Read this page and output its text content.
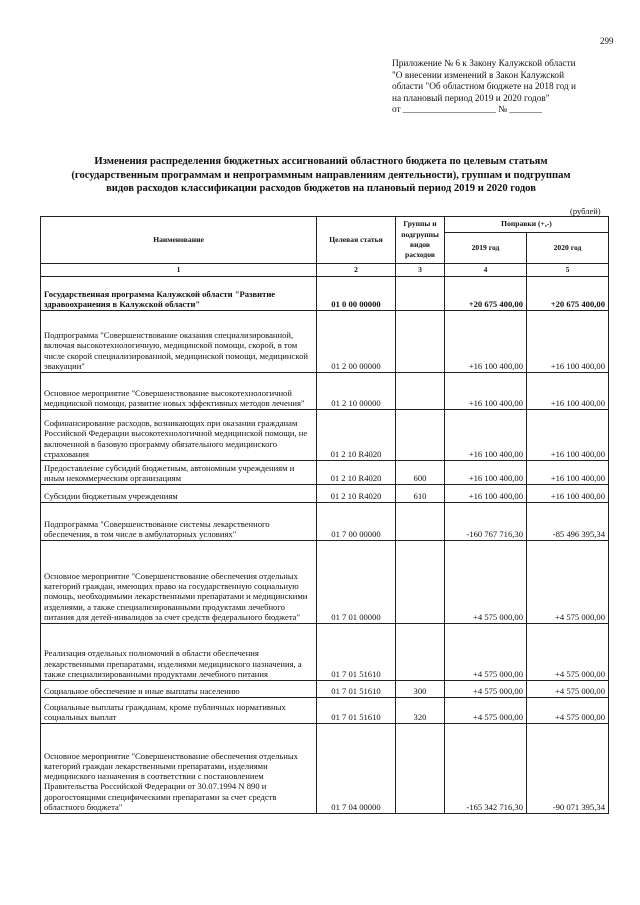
299
Приложение № 6 к Закону Калужской области
"О внесении изменений в Закон Калужской
области "Об областном бюджете на 2018 год и
на плановый период 2019 и 2020 годов"
от ____________________ № _______
Изменения распределения бюджетных ассигнований областного бюджета по целевым статьям
(государственным программам и непрограммным направлениям деятельности), группам и подгруппам
видов расходов классификации расходов бюджетов на плановый период 2019 и 2020 годов
(рублей)
Наименование	Целевая статья	Группы и подгруппы видов расходов	Поправки (+,-)	
			2019 год	2020 год
1	2	3	4	5
Государственная программа Калужской области "Развитие здравоохранения в Калужской области"	01 0 00 00000		+20 675 400,00	+20 675 400,00
Подпрограмма "Совершенствование оказания специализированной, включая высокотехнологичную, медицинской помощи, скорой, в том числе скорой специализированной, медицинской помощи, медицинской эвакуации"	01 2 00 00000		+16 100 400,00	+16 100 400,00
Основное мероприятие "Совершенствование высокотехнологичной медицинской помощи, развитие новых эффективных методов лечения"	01 2 10 00000		+16 100 400,00	+16 100 400,00
Софинансирование расходов, возникающих при оказании гражданам Российской Федерации высокотехнологичной медицинской помощи, не включенной в базовую программу обязательного медицинского страхования	01 2 10 R4020		+16 100 400,00	+16 100 400,00
Предоставление субсидий бюджетным, автономным учреждениям и иным некоммерческим организациям	01 2 10 R4020	600	+16 100 400,00	+16 100 400,00
Субсидии бюджетным учреждениям	01 2 10 R4020	610	+16 100 400,00	+16 100 400,00
Подпрограмма "Совершенствование системы лекарственного обеспечения, в том числе в амбулаторных условиях"	01 7 00 00000		-160 767 716,30	-85 496 395,34
Основное мероприятие "Совершенствование обеспечения отдельных категорий граждан, имеющих право на государственную социальную помощь, необходимыми лекарственными препаратами и медицинскими изделиями, а также специализированными продуктами лечебного питания для детей-инвалидов за счет средств федерального бюджета"	01 7 01 00000		+4 575 000,00	+4 575 000,00
Реализация отдельных полномочий в области обеспечения лекарственными препаратами, изделиями медицинского назначения, а также специализированными продуктами лечебного питания	01 7 01 51610		+4 575 000,00	+4 575 000,00
Социальное обеспечение и иные выплаты населению	01 7 01 51610	300	+4 575 000,00	+4 575 000,00
Социальные выплаты гражданам, кроме публичных нормативных социальных выплат	01 7 01 51610	320	+4 575 000,00	+4 575 000,00
Основное мероприятие "Совершенствование обеспечения отдельных категорий граждан лекарственными препаратами, изделиями медицинского назначения в соответствии с постановлением Правительства Российской Федерации от 30.07.1994 N 890 и дорогостоящими специфическими препаратами за счет средств областного бюджета"	01 7 04 00000		-165 342 716,30	-90 071 395,34
